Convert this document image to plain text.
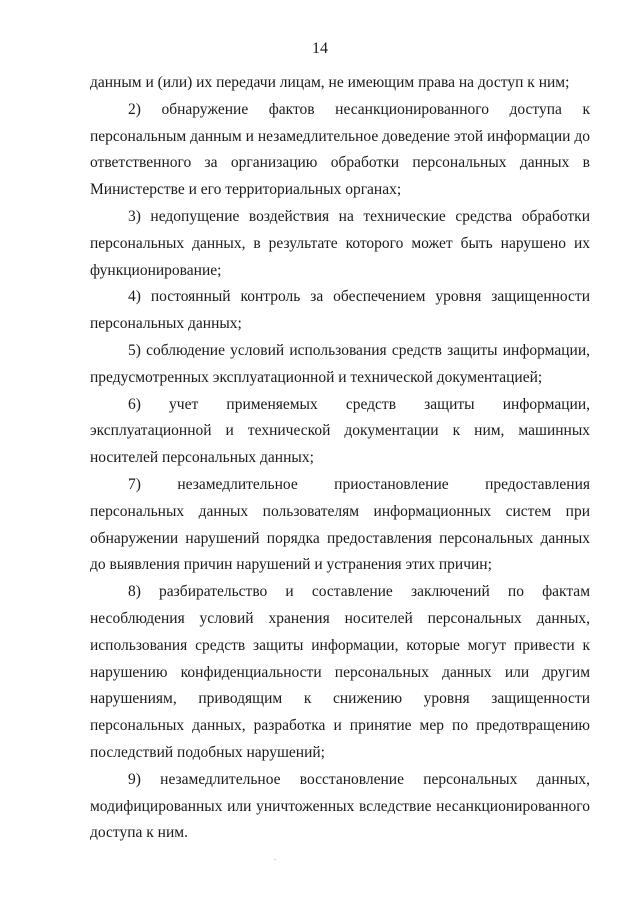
14

данным и (или) их передачи лицам, не имеющим права на доступ к ним;

2) обнаружение фактов несанкционированного доступа к персональным данным и незамедлительное доведение этой информации до ответственного за организацию обработки персональных данных в Министерстве и его территориальных органах;

3) недопущение воздействия на технические средства обработки персональных данных, в результате которого может быть нарушено их функционирование;

4) постоянный контроль за обеспечением уровня защищенности персональных данных;

5) соблюдение условий использования средств защиты информации, предусмотренных эксплуатационной и технической документацией;

6) учет применяемых средств защиты информации, эксплуатационной и технической документации к ним, машинных носителей персональных данных;

7) незамедлительное приостановление предоставления персональных данных пользователям информационных систем при обнаружении нарушений порядка предоставления персональных данных до выявления причин нарушений и устранения этих причин;

8) разбирательство и составление заключений по фактам несоблюдения условий хранения носителей персональных данных, использования средств защиты информации, которые могут привести к нарушению конфиденциальности персональных данных или другим нарушениям, приводящим к снижению уровня защищенности персональных данных, разработка и принятие мер по предотвращению последствий подобных нарушений;

9) незамедлительное восстановление персональных данных, модифицированных или уничтоженных вследствие несанкционированного доступа к ним.
